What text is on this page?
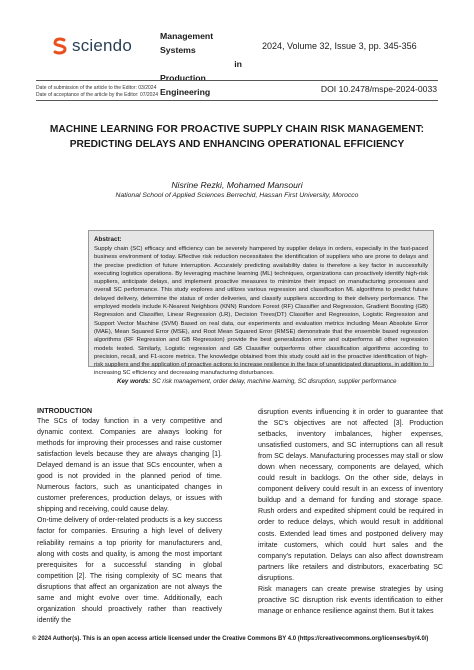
sciendo	Management Systems
in
Production Engineering
2024, Volume 32, Issue 3, pp. 345-356
Date of submission of the article to the Editor: 03/2024
Date of acceptance of the article by the Editor: 07/2024
DOI 10.2478/mspe-2024-0033
MACHINE LEARNING FOR PROACTIVE SUPPLY CHAIN RISK MANAGEMENT: PREDICTING DELAYS AND ENHANCING OPERATIONAL EFFICIENCY
Nisrine Rezki, Mohamed Mansouri
National School of Applied Sciences Berrechid, Hassan First University, Morocco
Abstract:
Supply chain (SC) efficacy and efficiency can be severely hampered by supplier delays in orders, especially in the fast-paced business environment of today. Effective risk reduction necessitates the identification of suppliers who are prone to delays and the precise prediction of future interruption. Accurately predicting availability dates is therefore a key factor in successfully executing logistics operations. By leveraging machine learning (ML) techniques, organizations can proactively identify high-risk suppliers, anticipate delays, and implement proactive measures to minimize their impact on manufacturing processes and overall SC performance. This study explores and utilizes various regression and classification ML algorithms to predict future delayed delivery, determine the status of order deliveries, and classify suppliers according to their delivery performance. The employed models include K-Nearest Neighbors (KNN) Random Forest (RF) Classifier and Regression, Gradient Boosting (GB) Regression and Classifier, Linear Regression (LR), Decision Trees(DT) Classifier and Regression, Logistic Regression and Support Vector Machine (SVM) Based on real data, our experiments and evaluation metrics including Mean Absolute Error (MAE), Mean Squared Error (MSE), and Root Mean Squared Error (RMSE) demonstrate that the ensemble based regression algorithms (RF Regression and GB Regression) provide the best generalization error and outperforms all other regression models tested. Similarly, Logistic regression and GB Classifier outperforms other classification algorithms according to precision, recall, and F1-score metrics. The knowledge obtained from this study could aid in the proactive identification of high-risk suppliers and the application of proactive actions to increase resilience in the face of unanticipated disruptions, in addition to increasing SC efficiency and decreasing manufacturing disturbances.
Key words: SC risk management, order delay, machine learning, SC disruption, supplier performance
INTRODUCTION

The SCs of today function in a very competitive and dynamic context. Companies are always looking for methods for improving their processes and raise customer satisfaction levels because they are always changing [1]. Delayed demand is an issue that SCs encounter, when a good is not provided in the planned period of time. Numerous factors, such as unanticipated changes in customer preferences, production delays, or issues with shipping and receiving, could cause delay.

On-time delivery of order-related products is a key success factor for companies. Ensuring a high level of delivery reliability remains a top priority for manufacturers and, along with costs and quality, is among the most important prerequisites for a successful standing in global competition [2]. The rising complexity of SC means that disruptions that affect an organization are not always the same and might evolve over time. Additionally, each organization should proactively rather than reactively identify the

disruption events influencing it in order to guarantee that the SC's objectives are not affected [3]. Production setbacks, inventory imbalances, higher expenses, unsatisfied customers, and SC interruptions can all result from SC delays. Manufacturing processes may stall or slow down when necessary, components are delayed, which could result in backlogs. On the other side, delays in component delivery could result in an excess of inventory buildup and a demand for funding and storage space. Rush orders and expedited shipment could be required in order to reduce delays, which would result in additional costs. Extended lead times and postponed delivery may irritate customers, which could hurt sales and the company's reputation. Delays can also affect downstream partners like retailers and distributors, exacerbating SC disruptions.

Risk managers can create prewise strategies by using proactive SC disruption risk events identification to either manage or enhance resilience against them. But it takes

© 2024 Author(s). This is an open access article licensed under the Creative Commons BY 4.0 (https://creativecommons.org/licenses/by/4.0/)
